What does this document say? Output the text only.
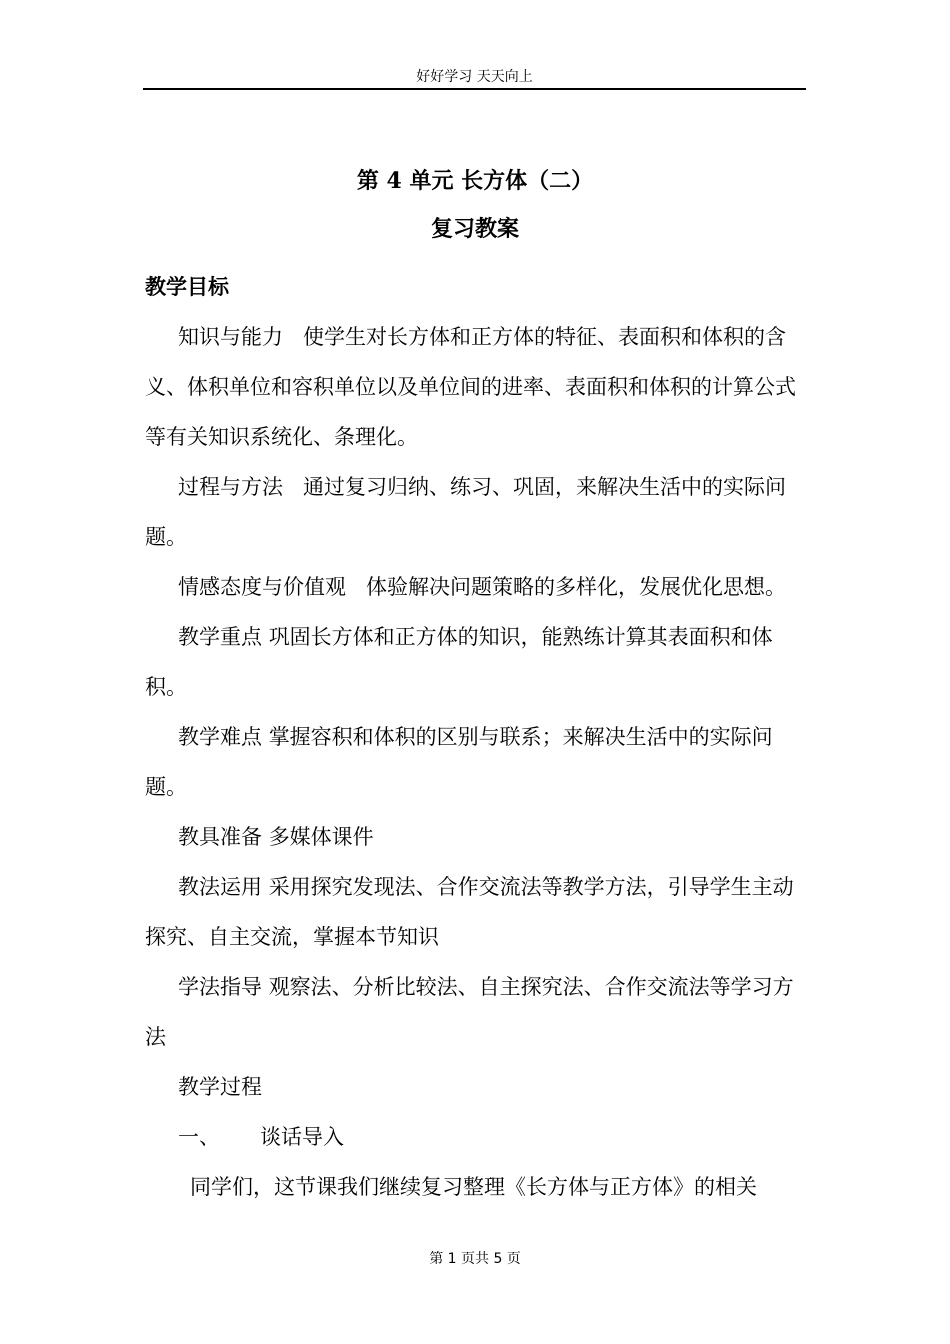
好好学习 天天向上
第 4 单元 长方体（二）
复习教案

教学目标

知识与能力 使学生对长方体和正方体的特征、表面积和体积的含义、体积单位和容积单位以及单位间的进率、表面积和体积的计算公式等有关知识系统化、条理化。

过程与方法 通过复习归纳、练习、巩固，来解决生活中的实际问题。

情感态度与价值观 体验解决问题策略的多样化，发展优化思想。

教学重点 巩固长方体和正方体的知识，能熟练计算其表面积和体积。

教学难点 掌握容积和体积的区别与联系；来解决生活中的实际问题。

教具准备 多媒体课件

教法运用 采用探究发现法、合作交流法等教学方法，引导学生主动探究、自主交流，掌握本节知识

学法指导 观察法、分析比较法、自主探究法、合作交流法等学习方法

教学过程

一、 谈话导入

同学们，这节课我们继续复习整理《长方体与正方体》的相关

第 1 页共 5 页
